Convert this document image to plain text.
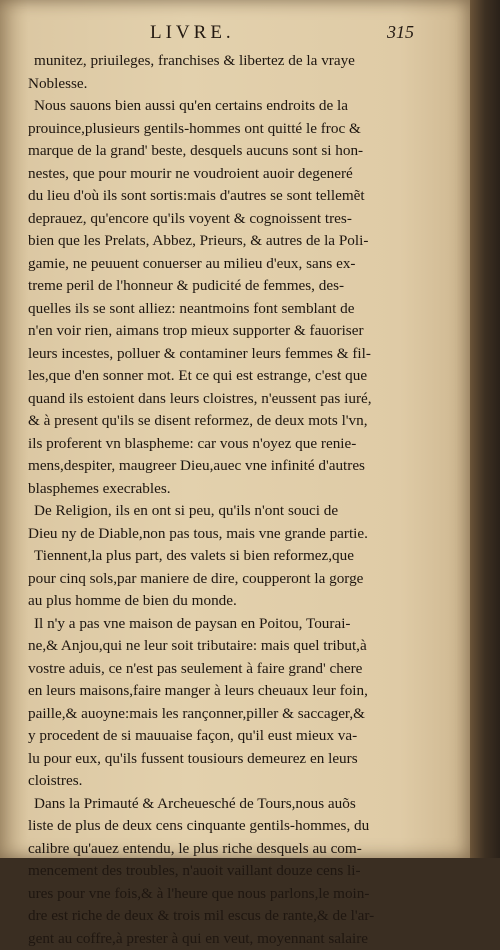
LIVRE.	315
munitez, priuileges, franchises & libertez de la vraye
Noblesse.
Nous sauons bien aussi qu'en certains endroits de la
prouince,plusieurs gentils-hommes ont quitté le froc &
marque de la grand' beste, desquels aucuns sont si hon-
nestes, que pour mourir ne voudroient auoir degeneré
du lieu d'où ils sont sortis:mais d'autres se sont tellemẽt
deprauez, qu'encore qu'ils voyent & cognoissent tres-
bien que les Prelats, Abbez, Prieurs, & autres de la Poli-
gamie, ne peuuent conuerser au milieu d'eux, sans ex-
treme peril de l'honneur & pudicité de femmes, des-
quelles ils se sont alliez: neantmoins font semblant de
n'en voir rien, aimans trop mieux supporter & fauoriser
leurs incestes, polluer & contaminer leurs femmes & fil-
les,que d'en sonner mot. Et ce qui est estrange, c'est que
quand ils estoient dans leurs cloistres, n'eussent pas iuré,
& à present qu'ils se disent reformez, de deux mots l'vn,
ils proferent vn blaspheme: car vous n'oyez que renie-
mens,despiter, maugreer Dieu,auec vne infinité d'autres
blasphemes execrables.
De Religion, ils en ont si peu, qu'ils n'ont souci de
Dieu ny de Diable,non pas tous, mais vne grande partie.
Tiennent,la plus part, des valets si bien reformez,que
pour cinq sols,par maniere de dire, coupperont la gorge
au plus homme de bien du monde.
Il n'y a pas vne maison de paysan en Poitou, Tourai-
ne,& Anjou,qui ne leur soit tributaire: mais quel tribut,à
vostre aduis, ce n'est pas seulement à faire grand' chere
en leurs maisons,faire manger à leurs cheuaux leur foin,
paille,& auoyne:mais les rançonner,piller & saccager,&
y procedent de si mauuaise façon, qu'il eust mieux va-
lu pour eux, qu'ils fussent tousiours demeurez en leurs
cloistres.
Dans la Primauté & Archeuesché de Tours,nous auõs
liste de plus de deux cens cinquante gentils-hommes, du
calibre qu'auez entendu, le plus riche desquels au com-
mencement des troubles, n'auoit vaillant douze cens li-
ures pour vne fois,& à l'heure que nous parlons,le moin-
dre est riche de deux & trois mil escus de rante,& de l'ar-
gent au coffre,à prester à qui en veut, moyennant salaire
